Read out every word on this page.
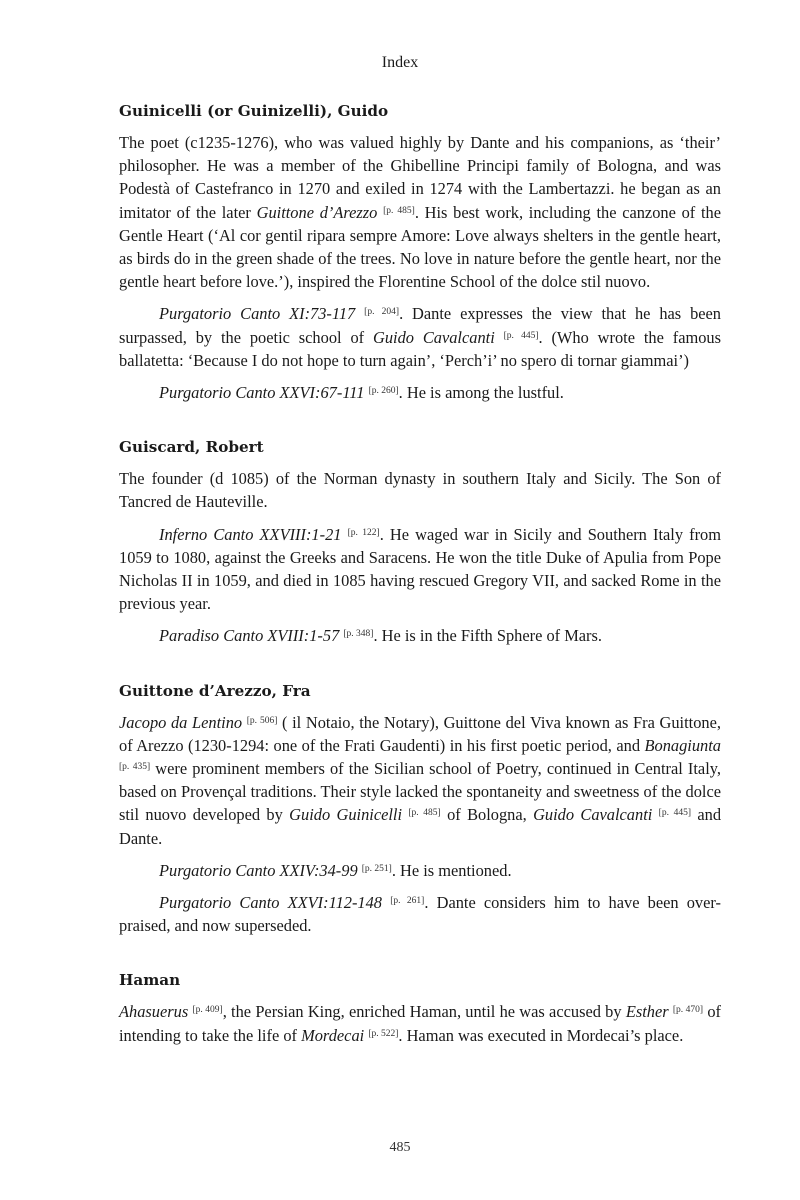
Index
Guinicelli (or Guinizelli), Guido

The poet (c1235-1276), who was valued highly by Dante and his companions, as ‘their’ philosopher. He was a member of the Ghibelline Principi family of Bologna, and was Podestà of Castefranco in 1270 and exiled in 1274 with the Lambertazzi. he began as an imitator of the later Guittone d’Arezzo [p. 485]. His best work, including the canzone of the Gentle Heart (‘Al cor gentil ripara sempre Amore: Love always shelters in the gentle heart, as birds do in the green shade of the trees. No love in nature before the gentle heart, nor the gentle heart before love.’), inspired the Florentine School of the dolce stil nuovo.

Purgatorio Canto XI:73-117 [p. 204]. Dante expresses the view that he has been surpassed, by the poetic school of Guido Cavalcanti [p. 445]. (Who wrote the famous ballatetta: ‘Because I do not hope to turn again’, ‘Perch’i’ no spero di tornar giammai’)

Purgatorio Canto XXVI:67-111 [p. 260]. He is among the lustful.

Guiscard, Robert

The founder (d 1085) of the Norman dynasty in southern Italy and Sicily. The Son of Tancred de Hauteville.

Inferno Canto XXVIII:1-21 [p. 122]. He waged war in Sicily and Southern Italy from 1059 to 1080, against the Greeks and Saracens. He won the title Duke of Apulia from Pope Nicholas II in 1059, and died in 1085 having rescued Gregory VII, and sacked Rome in the previous year.

Paradiso Canto XVIII:1-57 [p. 348]. He is in the Fifth Sphere of Mars.

Guittone d’Arezzo, Fra

Jacopo da Lentino [p. 506] ( il Notaio, the Notary), Guittone del Viva known as Fra Guittone, of Arezzo (1230-1294: one of the Frati Gaudenti) in his first poetic period, and Bonagiunta [p. 435] were prominent members of the Sicilian school of Poetry, continued in Central Italy, based on Provençal traditions. Their style lacked the spontaneity and sweetness of the dolce stil nuovo developed by Guido Guinicelli [p. 485] of Bologna, Guido Cavalcanti [p. 445] and Dante.

Purgatorio Canto XXIV:34-99 [p. 251]. He is mentioned.

Purgatorio Canto XXVI:112-148 [p. 261]. Dante considers him to have been over-praised, and now superseded.

Haman

Ahasuerus [p. 409], the Persian King, enriched Haman, until he was accused by Esther [p. 470] of intending to take the life of Mordecai [p. 522]. Haman was executed in Mordecai’s place.

485
